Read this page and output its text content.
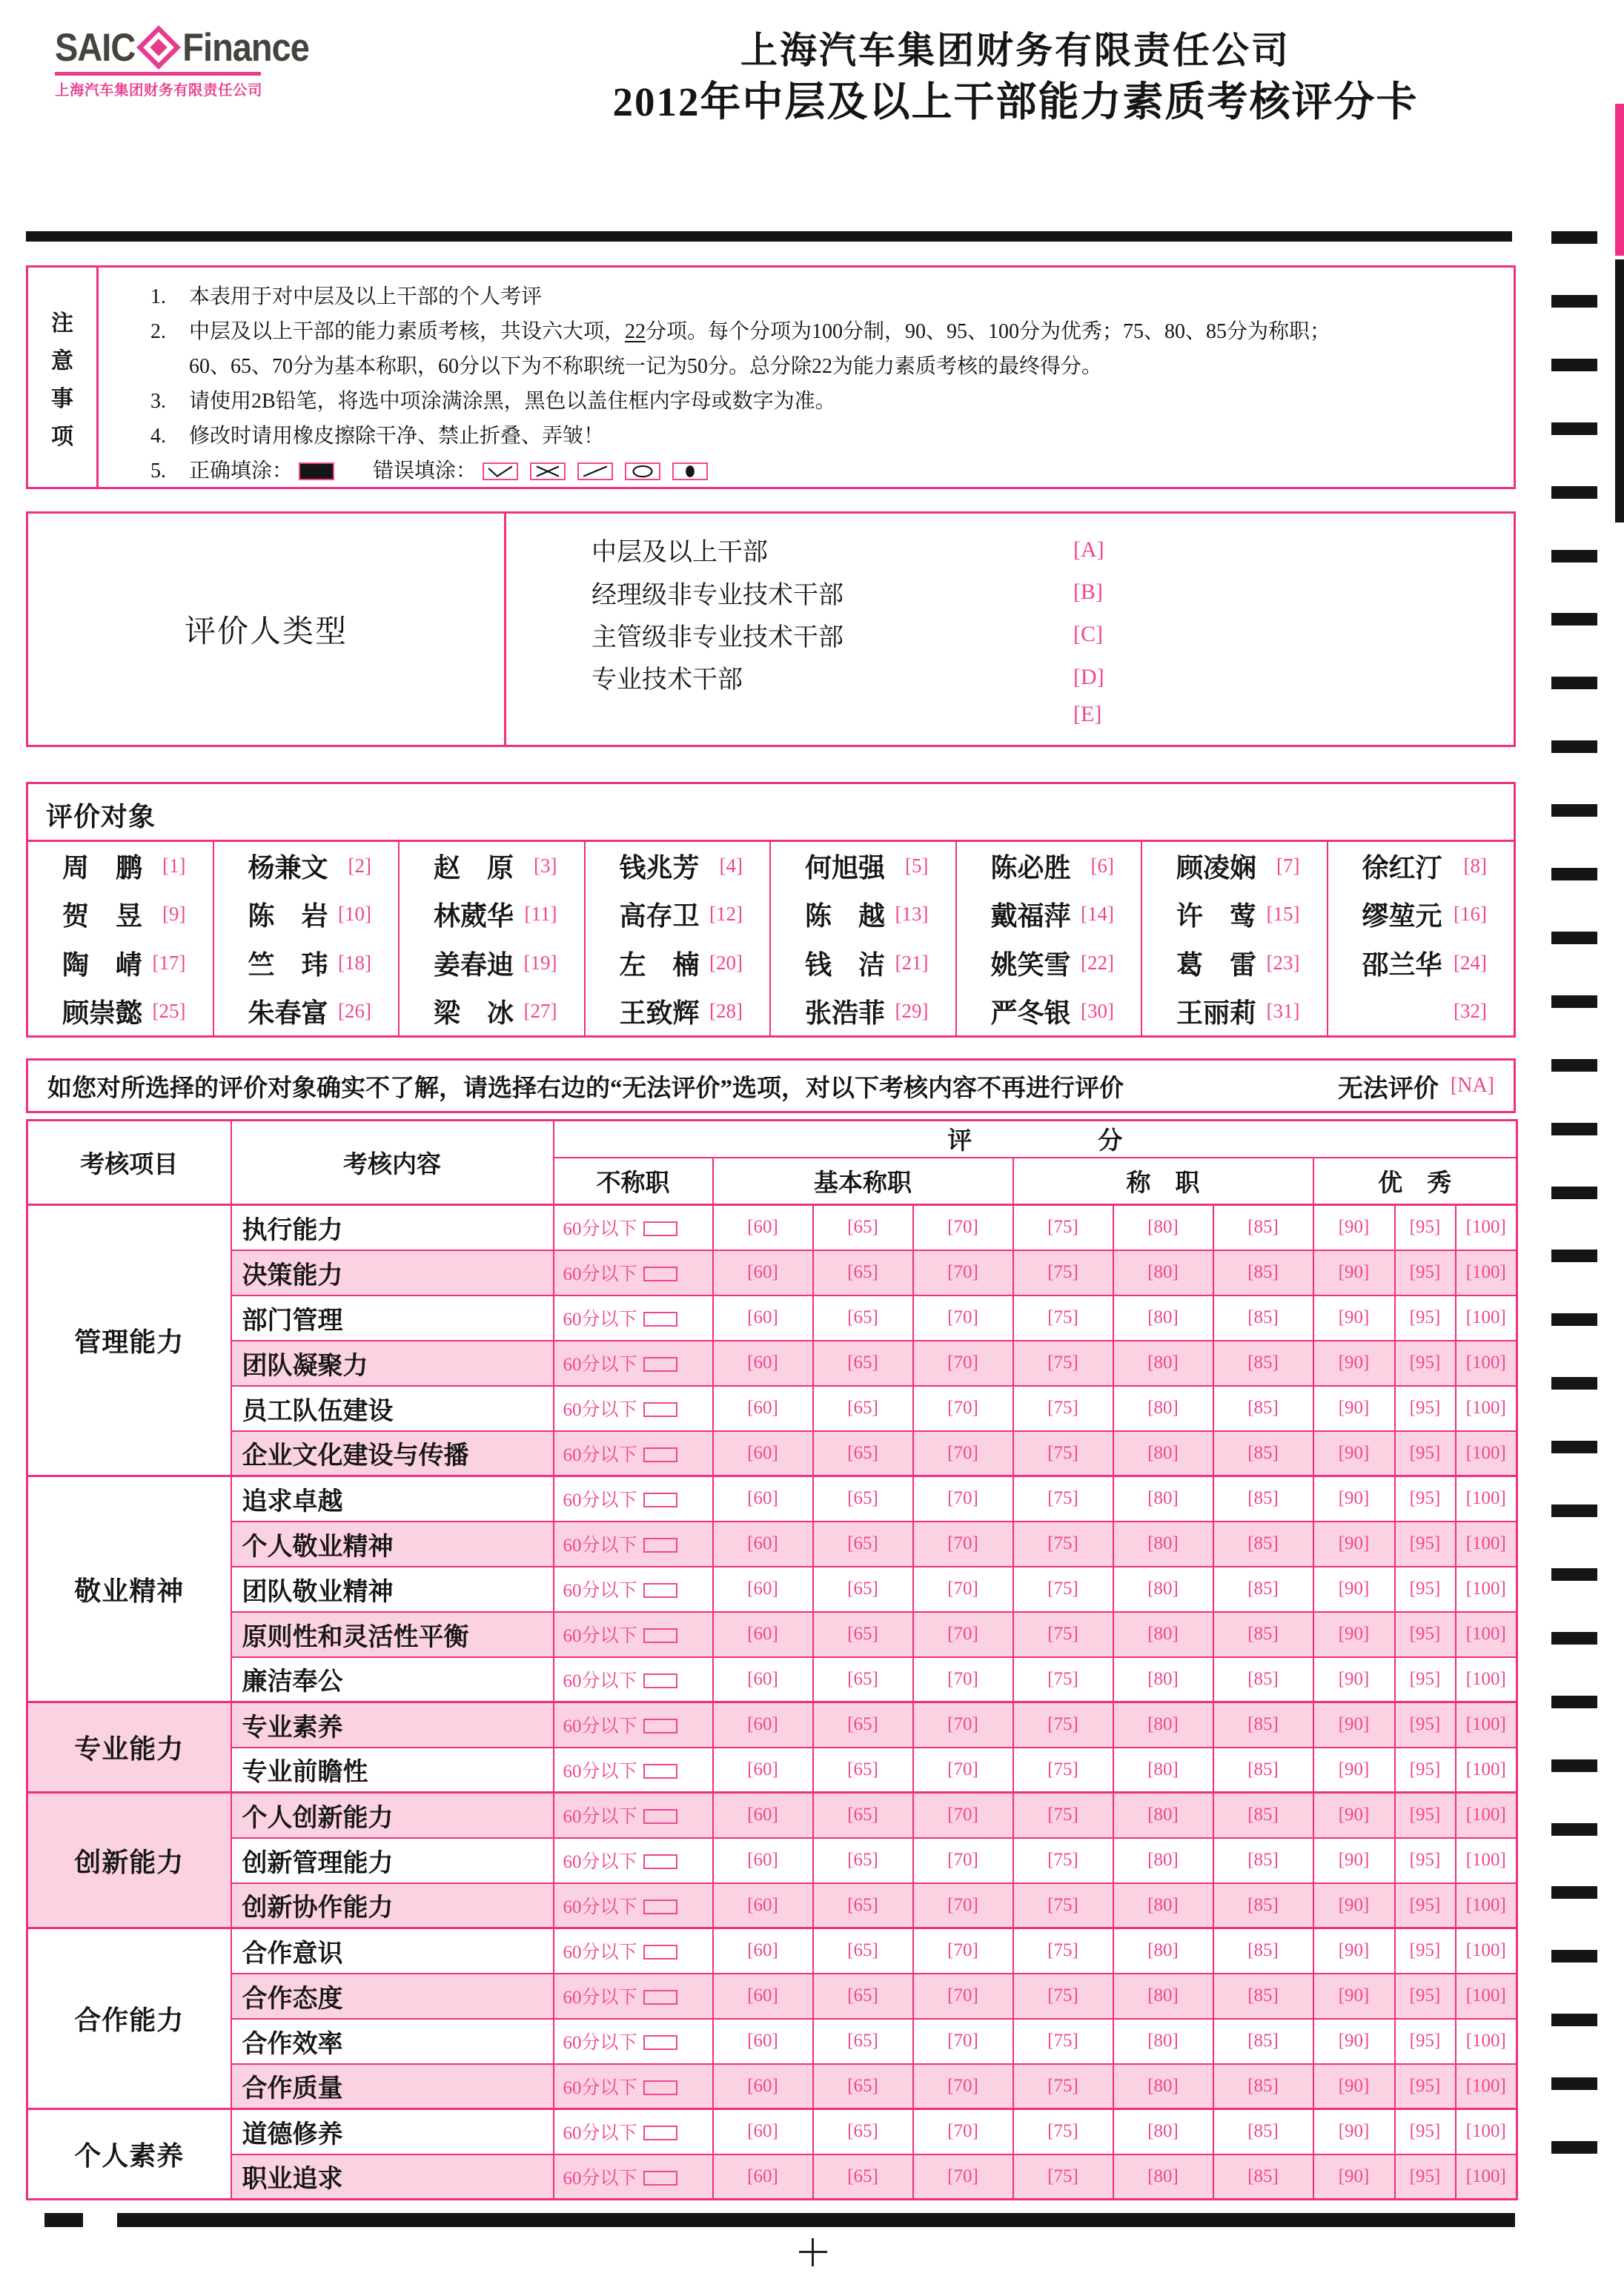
SAIC Finance
上海汽车集团财务有限责任公司
上海汽车集团财务有限责任公司
2012年中层及以上干部能力素质考核评分卡
注
意
事
项
1. 本表用于对中层及以上干部的个人考评
2. 中层及以上干部的能力素质考核，共设六大项，22分项。每个分项为100分制，90、95、100分为优秀；75、80、85分为称职；
60、65、70分为基本称职，60分以下为不称职统一记为50分。总分除22为能力素质考核的最终得分。
3. 请使用2B铅笔，将选中项涂满涂黑，黑色以盖住框内字母或数字为准。
4. 修改时请用橡皮擦除干净、禁止折叠、弄皱！
5. 正确填涂：	错误填涂：
评价人类型
中层及以上干部	[ A ]
经理级非专业技术干部	[ B ]
主管级非专业技术干部	[ C ]
专业技术干部	[ D ]
[ E ]
评价对象
周　鹏	[ 1 ]	杨兼文	[ 2 ]	赵　原	[ 3 ]	钱兆芳	[ 4 ]	何旭强	[ 5 ]	陈必胜	[ 6 ]	顾凌娴	[ 7 ]	徐红汀	[ 8 ]
贺　昱	[ 9 ]	陈　岩 [ 10 ]	林葳华 [ 11 ]	高存卫 [ 12 ]	陈　越 [ 13 ]	戴福萍 [ 14 ]	许　莺 [ 15 ]	缪堃元 [ 16 ]
陶　崝 [ 17 ]	竺　玮 [ 18 ]	姜春迪 [ 19 ]	左　楠 [ 20 ]	钱　洁 [ 21 ]	姚笑雪 [ 22 ]	葛　雷 [ 23 ]	邵兰华 [ 24 ]
顾崇懿 [ 25 ]	朱春富 [ 26 ]	梁　冰 [ 27 ]	王致辉 [ 28 ]	张浩菲 [ 29 ]	严冬银 [ 30 ]	王丽莉 [ 31 ]	[ 32 ]
如您对所选择的评价对象确实不了解，请选择右边的“无法评价”选项，对以下考核内容不再进行评价	无法评价 [ NA ]
考核项目	考核内容	评 分									
		不称职	基本称职			称　职			优　秀		
管理能力	执行能力	60分以下	[ 60 ]	[ 65 ]	[ 70 ]	[ 75 ]	[ 80 ]	[ 85 ]	[ 90 ]	[ 95 ]	[ 100 ]
	决策能力	60分以下	[ 60 ]	[ 65 ]	[ 70 ]	[ 75 ]	[ 80 ]	[ 85 ]	[ 90 ]	[ 95 ]	[ 100 ]
	部门管理	60分以下	[ 60 ]	[ 65 ]	[ 70 ]	[ 75 ]	[ 80 ]	[ 85 ]	[ 90 ]	[ 95 ]	[ 100 ]
	团队凝聚力	60分以下	[ 60 ]	[ 65 ]	[ 70 ]	[ 75 ]	[ 80 ]	[ 85 ]	[ 90 ]	[ 95 ]	[ 100 ]
	员工队伍建设	60分以下	[ 60 ]	[ 65 ]	[ 70 ]	[ 75 ]	[ 80 ]	[ 85 ]	[ 90 ]	[ 95 ]	[ 100 ]
	企业文化建设与传播	60分以下	[ 60 ]	[ 65 ]	[ 70 ]	[ 75 ]	[ 80 ]	[ 85 ]	[ 90 ]	[ 95 ]	[ 100 ]
敬业精神	追求卓越	60分以下	[ 60 ]	[ 65 ]	[ 70 ]	[ 75 ]	[ 80 ]	[ 85 ]	[ 90 ]	[ 95 ]	[ 100 ]
	个人敬业精神	60分以下	[ 60 ]	[ 65 ]	[ 70 ]	[ 75 ]	[ 80 ]	[ 85 ]	[ 90 ]	[ 95 ]	[ 100 ]
	团队敬业精神	60分以下	[ 60 ]	[ 65 ]	[ 70 ]	[ 75 ]	[ 80 ]	[ 85 ]	[ 90 ]	[ 95 ]	[ 100 ]
	原则性和灵活性平衡	60分以下	[ 60 ]	[ 65 ]	[ 70 ]	[ 75 ]	[ 80 ]	[ 85 ]	[ 90 ]	[ 95 ]	[ 100 ]
	廉洁奉公	60分以下	[ 60 ]	[ 65 ]	[ 70 ]	[ 75 ]	[ 80 ]	[ 85 ]	[ 90 ]	[ 95 ]	[ 100 ]
专业能力	专业素养	60分以下	[ 60 ]	[ 65 ]	[ 70 ]	[ 75 ]	[ 80 ]	[ 85 ]	[ 90 ]	[ 95 ]	[ 100 ]
	专业前瞻性	60分以下	[ 60 ]	[ 65 ]	[ 70 ]	[ 75 ]	[ 80 ]	[ 85 ]	[ 90 ]	[ 95 ]	[ 100 ]
创新能力	个人创新能力	60分以下	[ 60 ]	[ 65 ]	[ 70 ]	[ 75 ]	[ 80 ]	[ 85 ]	[ 90 ]	[ 95 ]	[ 100 ]
	创新管理能力	60分以下	[ 60 ]	[ 65 ]	[ 70 ]	[ 75 ]	[ 80 ]	[ 85 ]	[ 90 ]	[ 95 ]	[ 100 ]
	创新协作能力	60分以下	[ 60 ]	[ 65 ]	[ 70 ]	[ 75 ]	[ 80 ]	[ 85 ]	[ 90 ]	[ 95 ]	[ 100 ]
合作能力	合作意识	60分以下	[ 60 ]	[ 65 ]	[ 70 ]	[ 75 ]	[ 80 ]	[ 85 ]	[ 90 ]	[ 95 ]	[ 100 ]
	合作态度	60分以下	[ 60 ]	[ 65 ]	[ 70 ]	[ 75 ]	[ 80 ]	[ 85 ]	[ 90 ]	[ 95 ]	[ 100 ]
	合作效率	60分以下	[ 60 ]	[ 65 ]	[ 70 ]	[ 75 ]	[ 80 ]	[ 85 ]	[ 90 ]	[ 95 ]	[ 100 ]
	合作质量	60分以下	[ 60 ]	[ 65 ]	[ 70 ]	[ 75 ]	[ 80 ]	[ 85 ]	[ 90 ]	[ 95 ]	[ 100 ]
个人素养	道德修养	60分以下	[ 60 ]	[ 65 ]	[ 70 ]	[ 75 ]	[ 80 ]	[ 85 ]	[ 90 ]	[ 95 ]	[ 100 ]
	职业追求	60分以下	[ 60 ]	[ 65 ]	[ 70 ]	[ 75 ]	[ 80 ]	[ 85 ]	[ 90 ]	[ 95 ]	[ 100 ]
